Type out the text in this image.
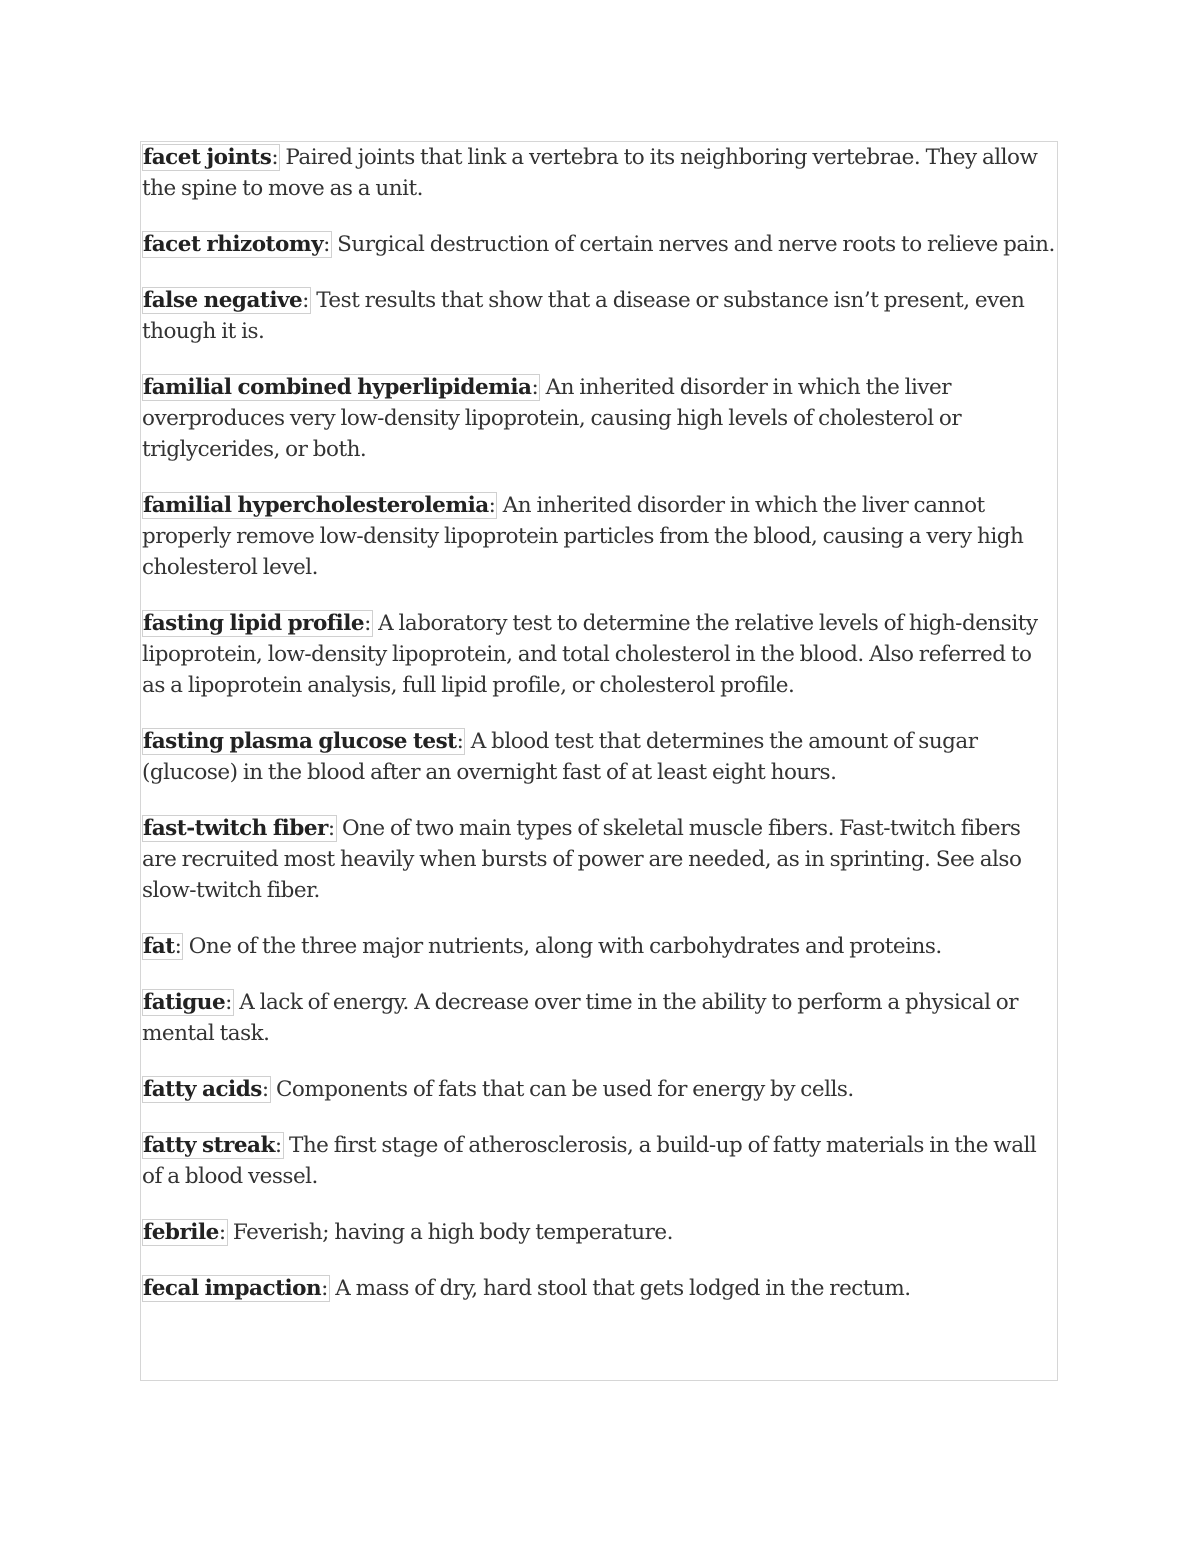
facet joints: Paired joints that link a vertebra to its neighboring vertebrae. They allow the spine to move as a unit.

facet rhizotomy: Surgical destruction of certain nerves and nerve roots to relieve pain.

false negative: Test results that show that a disease or substance isn’t present, even though it is.

familial combined hyperlipidemia: An inherited disorder in which the liver overproduces very low-density lipoprotein, causing high levels of cholesterol or triglycerides, or both.

familial hypercholesterolemia: An inherited disorder in which the liver cannot properly remove low-density lipoprotein particles from the blood, causing a very high cholesterol level.

fasting lipid profile: A laboratory test to determine the relative levels of high-density lipoprotein, low-density lipoprotein, and total cholesterol in the blood. Also referred to as a lipoprotein analysis, full lipid profile, or cholesterol profile.

fasting plasma glucose test: A blood test that determines the amount of sugar (glucose) in the blood after an overnight fast of at least eight hours.

fast-twitch fiber: One of two main types of skeletal muscle fibers. Fast-twitch fibers are recruited most heavily when bursts of power are needed, as in sprinting. See also slow-twitch fiber.

fat: One of the three major nutrients, along with carbohydrates and proteins.

fatigue: A lack of energy. A decrease over time in the ability to perform a physical or mental task.

fatty acids: Components of fats that can be used for energy by cells.

fatty streak: The first stage of atherosclerosis, a build-up of fatty materials in the wall of a blood vessel.

febrile: Feverish; having a high body temperature.

fecal impaction: A mass of dry, hard stool that gets lodged in the rectum.
